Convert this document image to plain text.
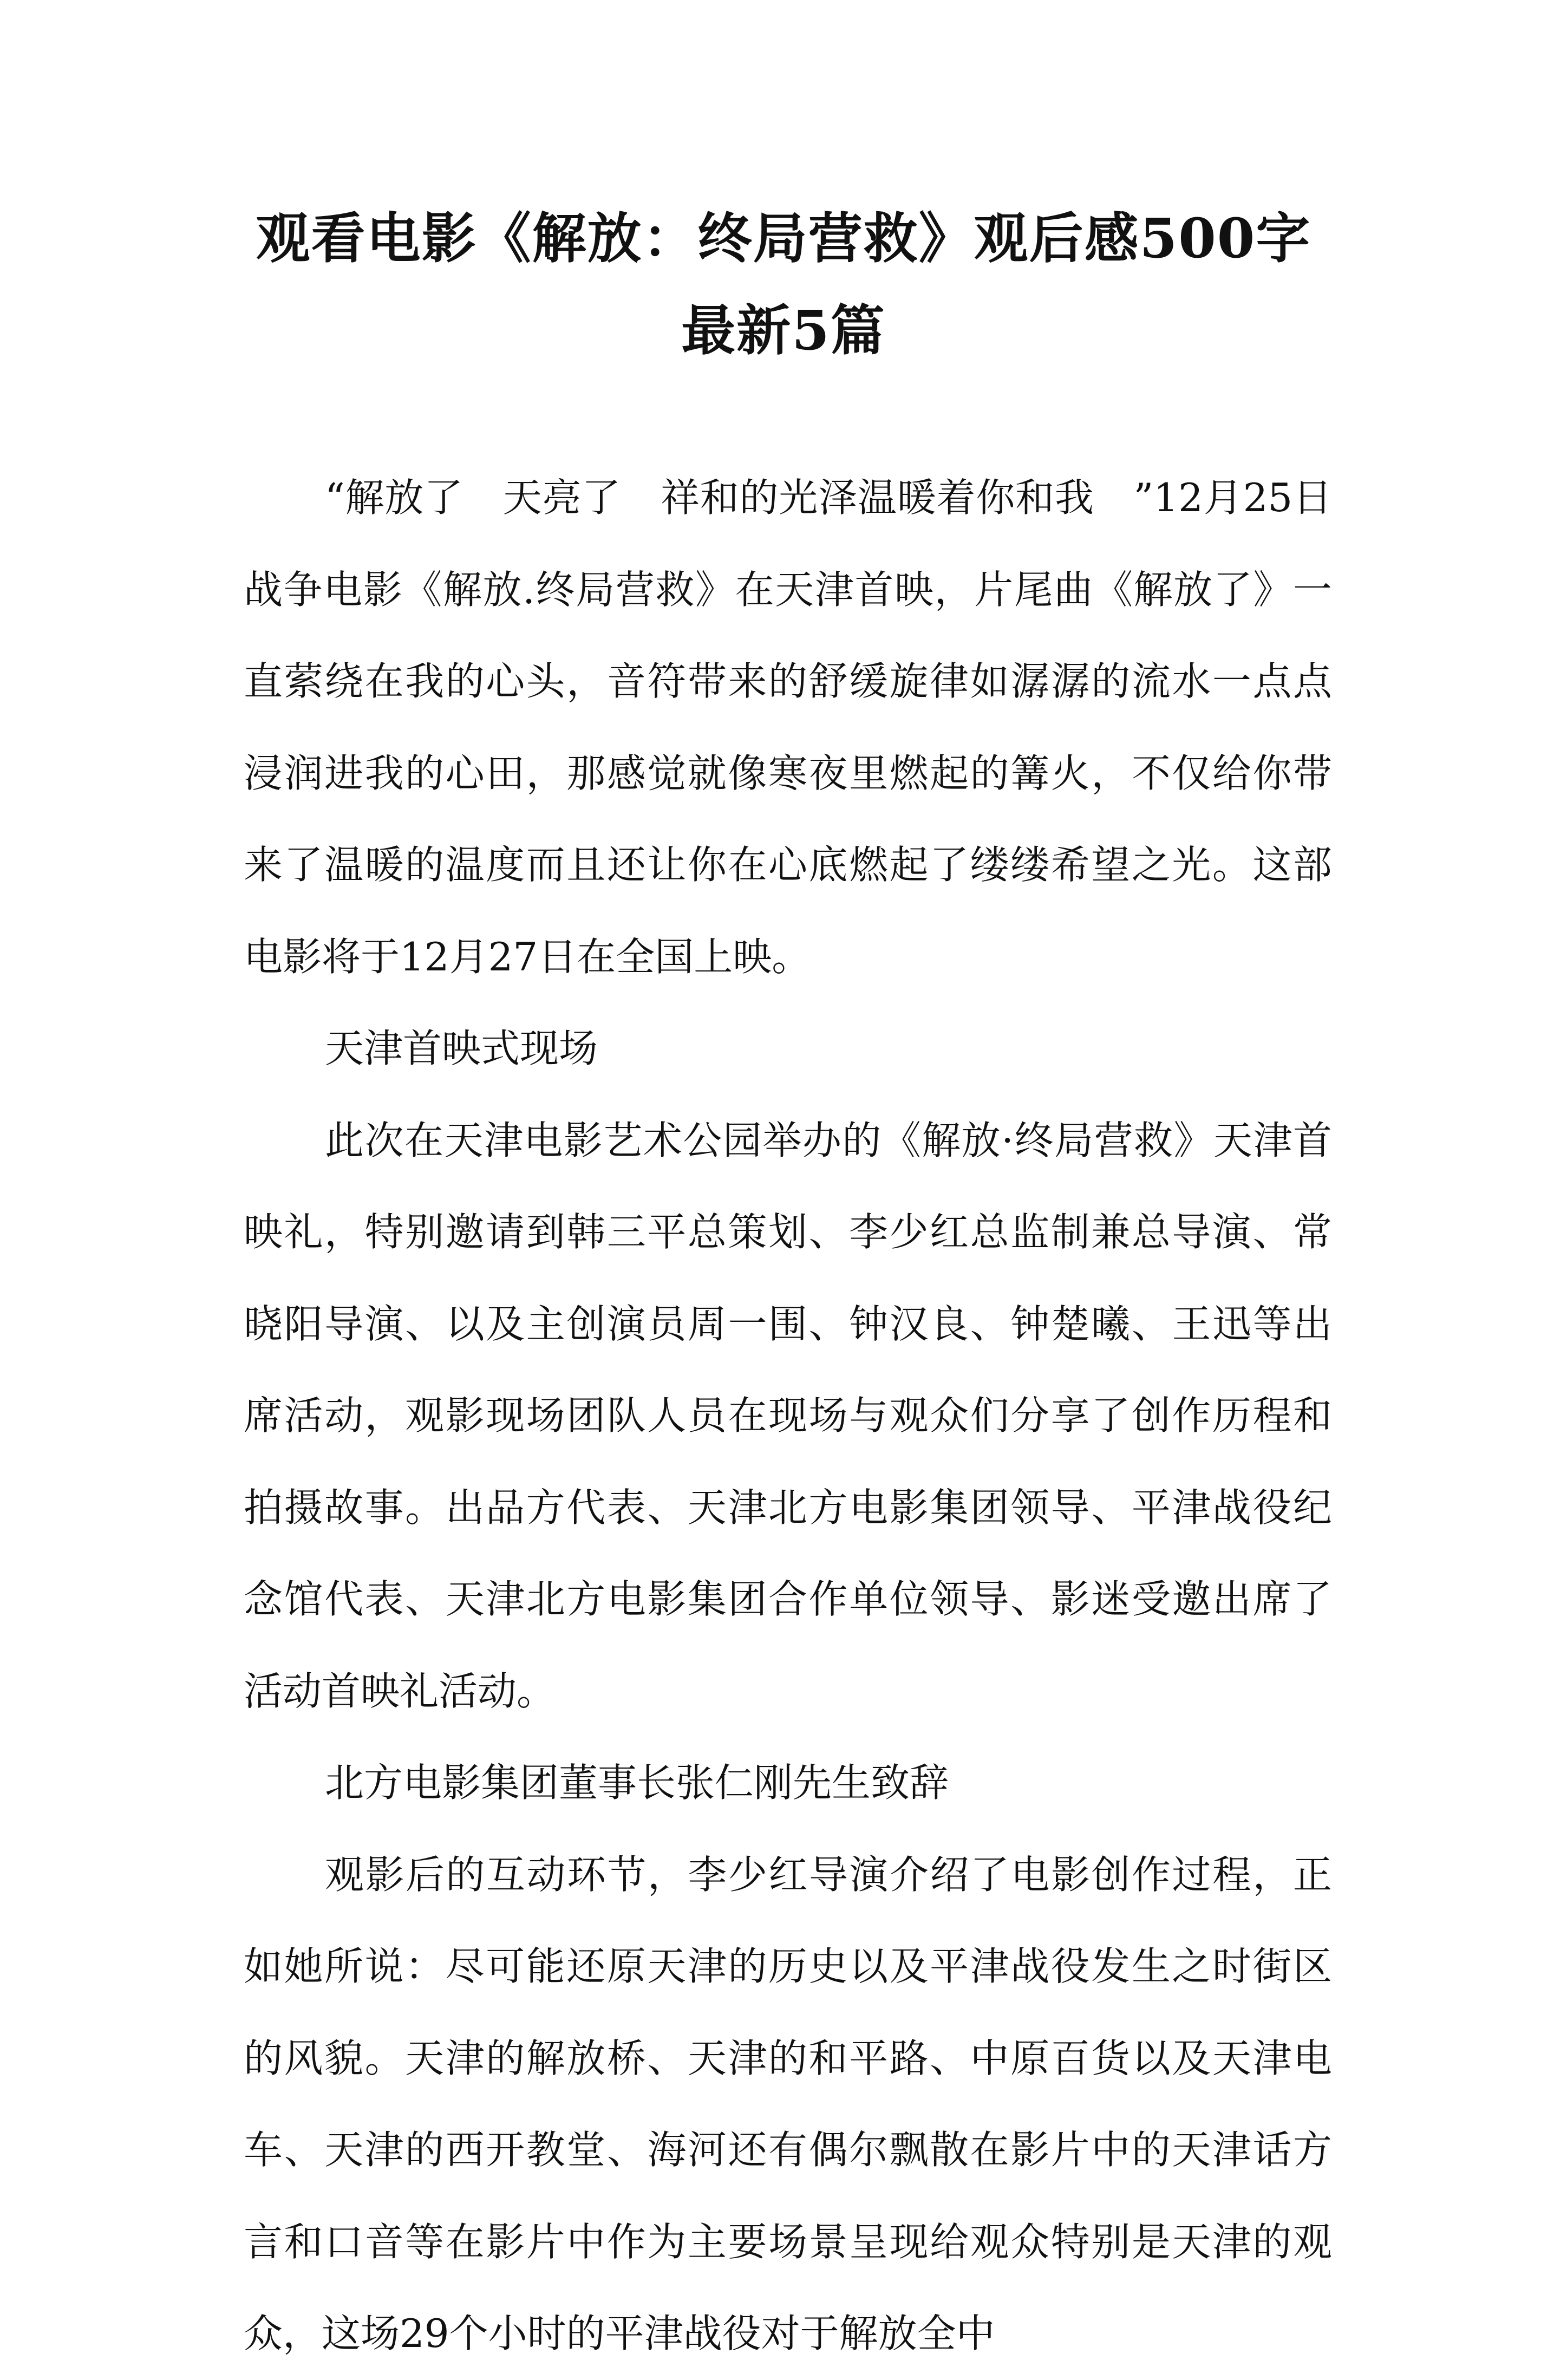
观看电影《解放：终局营救》观后感500字
最新5篇

“解放了　天亮了　祥和的光泽温暖着你和我　”12月25日战争电影《解放.终局营救》在天津首映，片尾曲《解放了》一直萦绕在我的心头，音符带来的舒缓旋律如潺潺的流水一点点浸润进我的心田，那感觉就像寒夜里燃起的篝火，不仅给你带来了温暖的温度而且还让你在心底燃起了缕缕希望之光。这部电影将于12月27日在全国上映。

天津首映式现场

此次在天津电影艺术公园举办的《解放·终局营救》天津首映礼，特别邀请到韩三平总策划、李少红总监制兼总导演、常晓阳导演、以及主创演员周一围、钟汉良、钟楚曦、王迅等出席活动，观影现场团队人员在现场与观众们分享了创作历程和拍摄故事。出品方代表、天津北方电影集团领导、平津战役纪念馆代表、天津北方电影集团合作单位领导、影迷受邀出席了活动首映礼活动。

北方电影集团董事长张仁刚先生致辞

观影后的互动环节，李少红导演介绍了电影创作过程，正如她所说：尽可能还原天津的历史以及平津战役发生之时街区的风貌。天津的解放桥、天津的和平路、中原百货以及天津电车、天津的西开教堂、海河还有偶尔飘散在影片中的天津话方言和口音等在影片中作为主要场景呈现给观众特别是天津的观众，这场29个小时的平津战役对于解放全中
